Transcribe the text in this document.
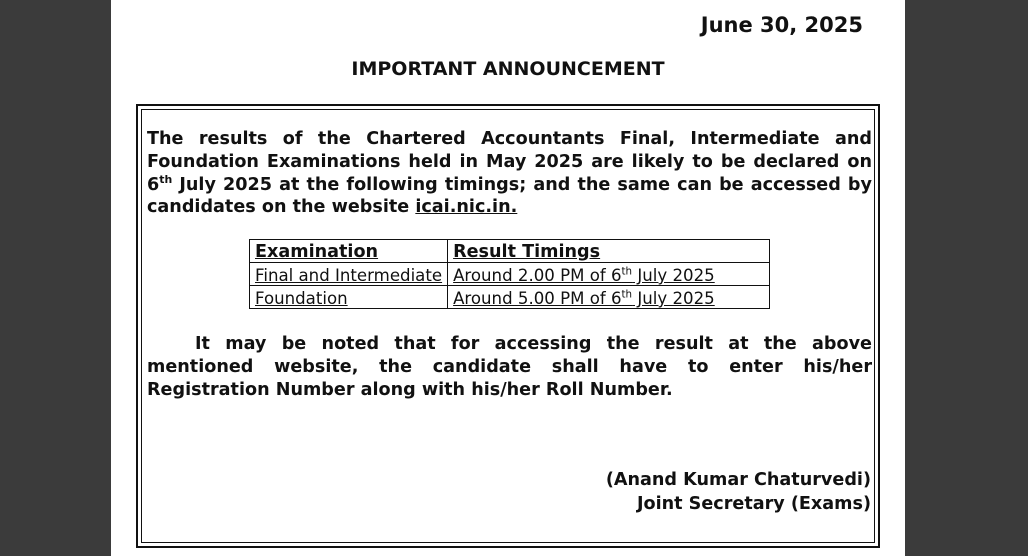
June 30, 2025
IMPORTANT ANNOUNCEMENT

The results of the Chartered Accountants Final, Intermediate and Foundation Examinations held in May 2025 are likely to be declared on 6th July 2025 at the following timings; and the same can be accessed by candidates on the website icai.nic.in.

Examination	Result Timings
Final and Intermediate	Around 2.00 PM of 6th July 2025
Foundation	Around 5.00 PM of 6th July 2025

It may be noted that for accessing the result at the above mentioned website, the candidate shall have to enter his/her Registration Number along with his/her Roll Number.

(Anand Kumar Chaturvedi)
Joint Secretary (Exams)
